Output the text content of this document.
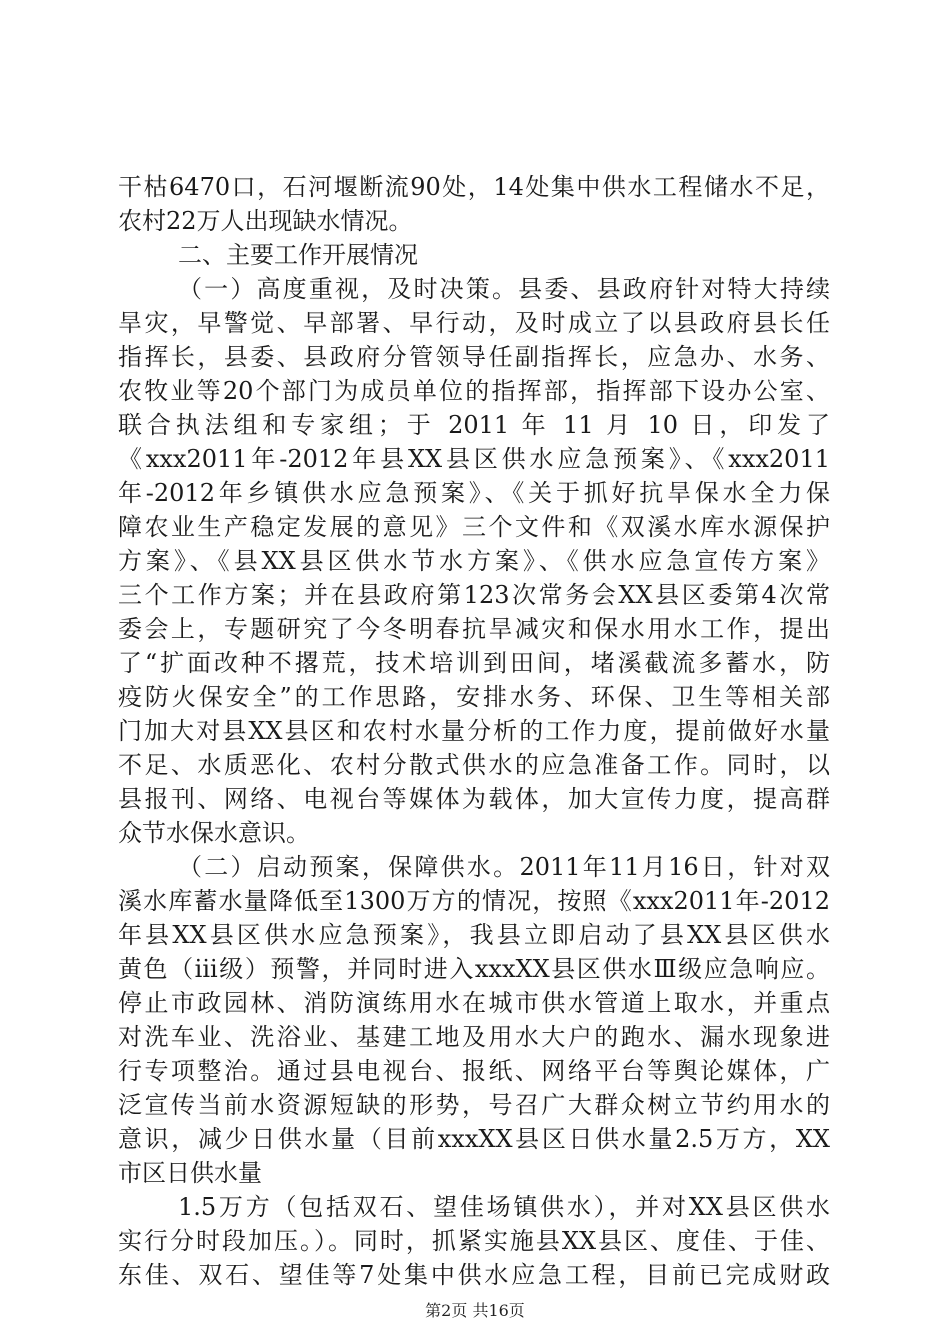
干枯6470口，石河堰断流90处，14处集中供水工程储水不足，
农村22万人出现缺水情况。
二、主要工作开展情况
（一）高度重视，及时决策。县委、县政府针对特大持续
旱灾，早警觉、早部署、早行动，及时成立了以县政府县长任
指挥长，县委、县政府分管领导任副指挥长，应急办、水务、
农牧业等20个部门为成员单位的指挥部，指挥部下设办公室、
联合执法组和专家组；于 2011 年 11 月 10 日，印发了
《xxx2011年-2012年县XX县区供水应急预案》、《xxx2011
年-2012年乡镇供水应急预案》、《关于抓好抗旱保水全力保
障农业生产稳定发展的意见》三个文件和《双溪水库水源保护
方案》、《县XX县区供水节水方案》、《供水应急宣传方案》
三个工作方案；并在县政府第123次常务会XX县区委第4次常
委会上，专题研究了今冬明春抗旱减灾和保水用水工作，提出
了“扩面改种不撂荒，技术培训到田间，堵溪截流多蓄水，防
疫防火保安全”的工作思路，安排水务、环保、卫生等相关部
门加大对县XX县区和农村水量分析的工作力度，提前做好水量
不足、水质恶化、农村分散式供水的应急准备工作。同时，以
县报刊、网络、电视台等媒体为载体，加大宣传力度，提高群
众节水保水意识。
（二）启动预案，保障供水。2011年11月16日，针对双
溪水库蓄水量降低至1300万方的情况，按照《xxx2011年-2012
年县XX县区供水应急预案》，我县立即启动了县XX县区供水
黄色（iii级）预警，并同时进入xxxXX县区供水Ⅲ级应急响应。
停止市政园林、消防演练用水在城市供水管道上取水，并重点
对洗车业、洗浴业、基建工地及用水大户的跑水、漏水现象进
行专项整治。通过县电视台、报纸、网络平台等舆论媒体，广
泛宣传当前水资源短缺的形势，号召广大群众树立节约用水的
意识，减少日供水量（目前xxxXX县区日供水量2.5万方，XX
市区日供水量
1.5万方（包括双石、望佳场镇供水），并对XX县区供水
实行分时段加压。）。同时，抓紧实施县XX县区、度佳、于佳、
东佳、双石、望佳等7处集中供水应急工程，目前已完成财政
第2页 共16页
